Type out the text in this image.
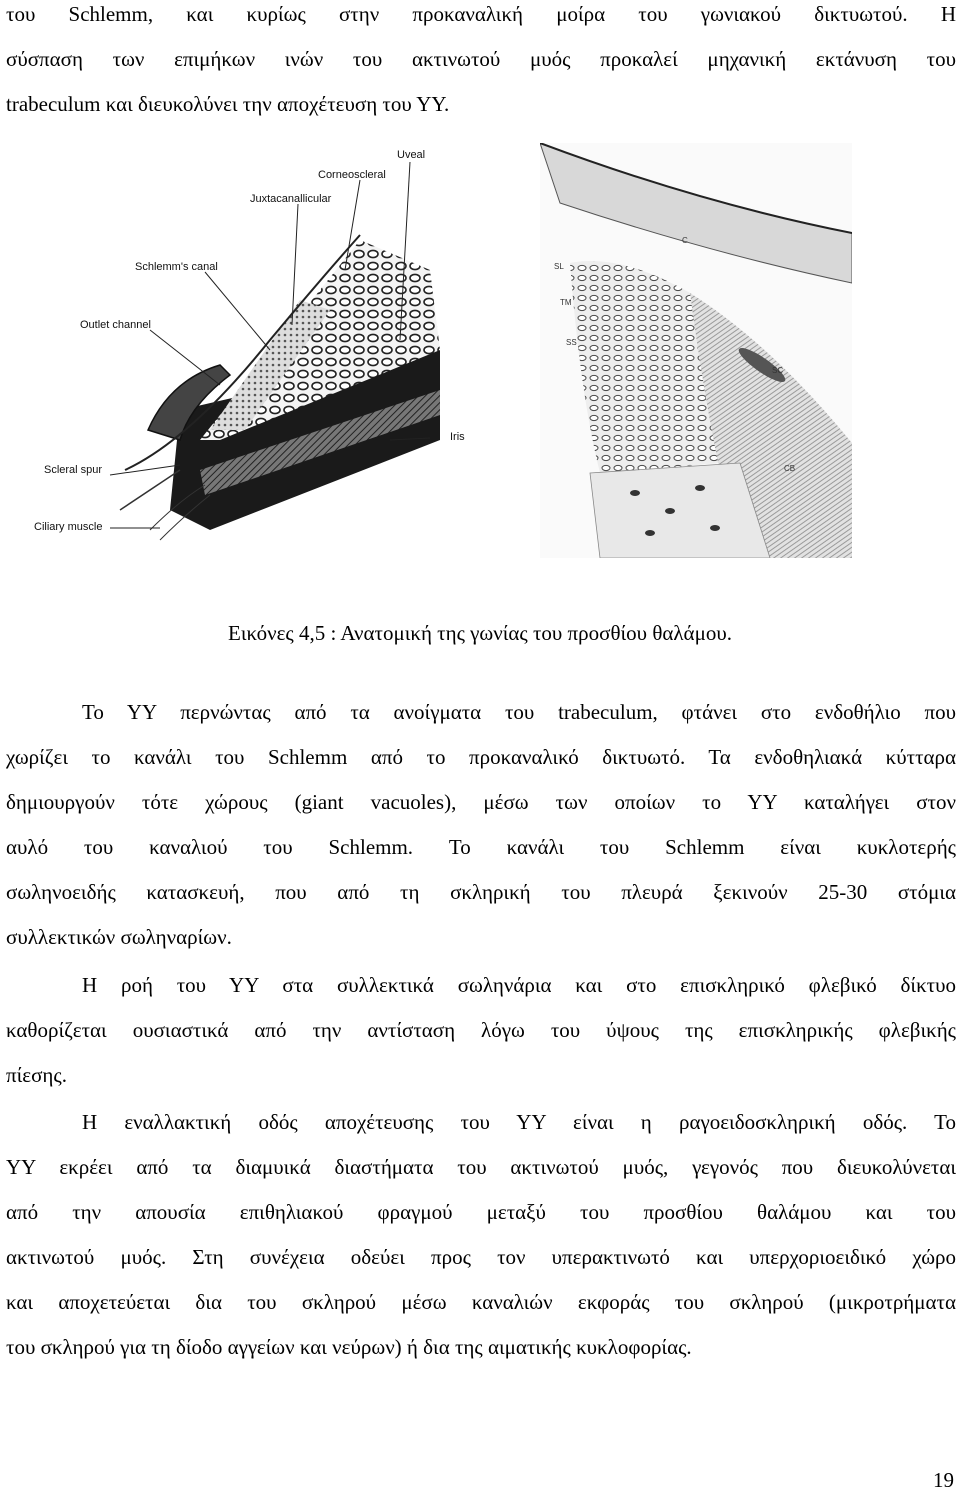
του Schlemm, και κυρίως στην προκαναλική μοίρα του γωνιακού δικτυωτού. Η
σύσπαση των επιμήκων ινών του ακτινωτού μυός προκαλεί μηχανική εκτάνυση του
trabeculum και διευκολύνει την αποχέτευση του ΥΥ.
Uveal
Corneoscleral
Juxtacanallicular
Schlemm's canal
Outlet channel
Iris
Scleral spur
Ciliary muscle
C
SL
TM
SS
SC
CB
Εικόνες 4,5 : Ανατομική της γωνίας του προσθίου θαλάμου.
Το ΥΥ περνώντας από τα ανοίγματα του trabeculum, φτάνει στο ενδοθήλιο που
χωρίζει το κανάλι του Schlemm από το προκαναλικό δικτυωτό. Τα ενδοθηλιακά κύτταρα
δημιουργούν τότε χώρους (giant vacuoles), μέσω των οποίων το ΥΥ καταλήγει στον
αυλό του καναλιού του Schlemm. Το κανάλι του Schlemm είναι κυκλοτερής
σωληνοειδής κατασκευή, που από τη σκληρική του πλευρά ξεκινούν 25-30 στόμια
συλλεκτικών σωληναρίων.
Η ροή του ΥΥ στα συλλεκτικά σωληνάρια και στο επισκληρικό φλεβικό δίκτυο
καθορίζεται ουσιαστικά από την αντίσταση λόγω του ύψους της επισκληρικής φλεβικής
πίεσης.
Η εναλλακτική οδός αποχέτευσης του ΥΥ είναι η ραγοειδοσκληρική οδός. Το
ΥΥ εκρέει από τα διαμυικά διαστήματα του ακτινωτού μυός, γεγονός που διευκολύνεται
από την απουσία επιθηλιακού φραγμού μεταξύ του προσθίου θαλάμου και του
ακτινωτού μυός. Στη συνέχεια οδεύει προς τον υπερακτινωτό και υπερχοριοειδικό χώρο
και αποχετεύεται δια του σκληρού μέσω καναλιών εκφοράς του σκληρού (μικροτρήματα
του σκληρού για τη δίοδο αγγείων και νεύρων) ή δια της αιματικής κυκλοφορίας.
19
